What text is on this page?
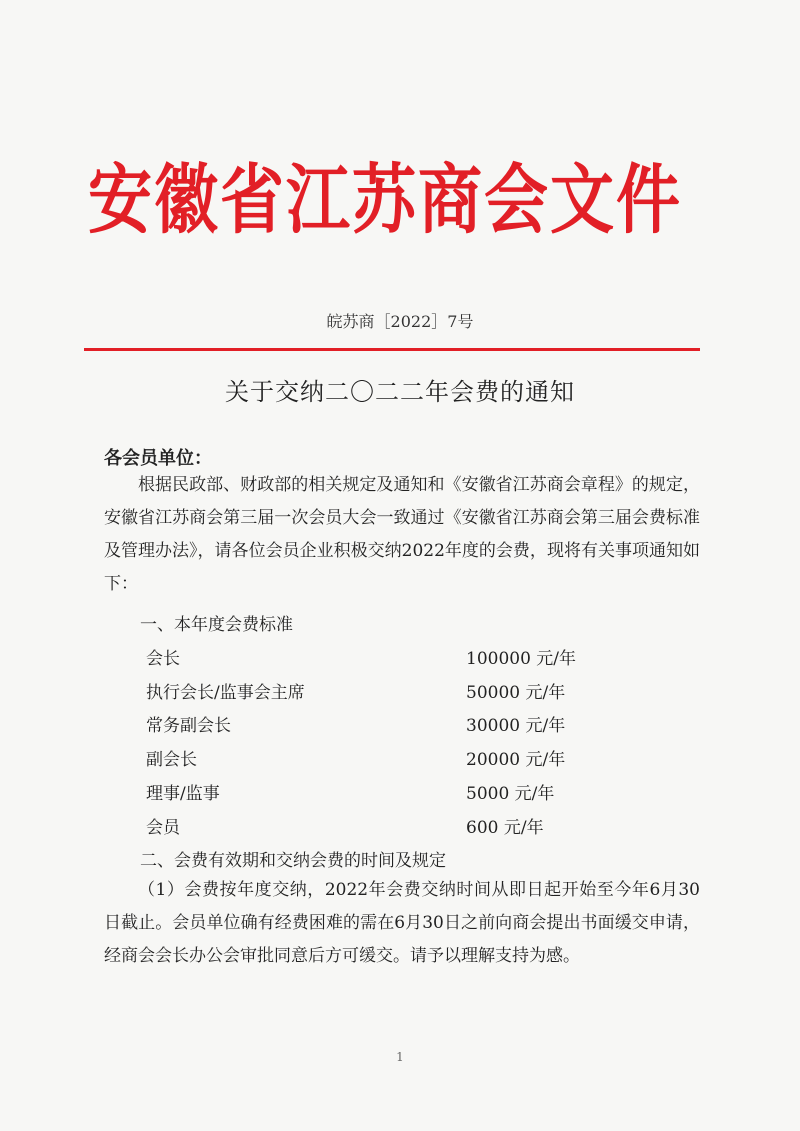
安徽省江苏商会文件
皖苏商［2022］7号
关于交纳二〇二二年会费的通知
各会员单位：
根据民政部、财政部的相关规定及通知和《安徽省江苏商会章程》的规定，安徽省江苏商会第三届一次会员大会一致通过《安徽省江苏商会第三届会费标准及管理办法》，请各位会员企业积极交纳2022年度的会费，现将有关事项通知如下：
一、本年度会费标准
会长	100000 元/年
执行会长/监事会主席	50000 元/年
常务副会长	30000 元/年
副会长	20000 元/年
理事/监事	5000 元/年
会员	600 元/年
二、会费有效期和交纳会费的时间及规定
（1）会费按年度交纳，2022年会费交纳时间从即日起开始至今年6月30日截止。会员单位确有经费困难的需在6月30日之前向商会提出书面缓交申请，经商会会长办公会审批同意后方可缓交。请予以理解支持为感。
1
